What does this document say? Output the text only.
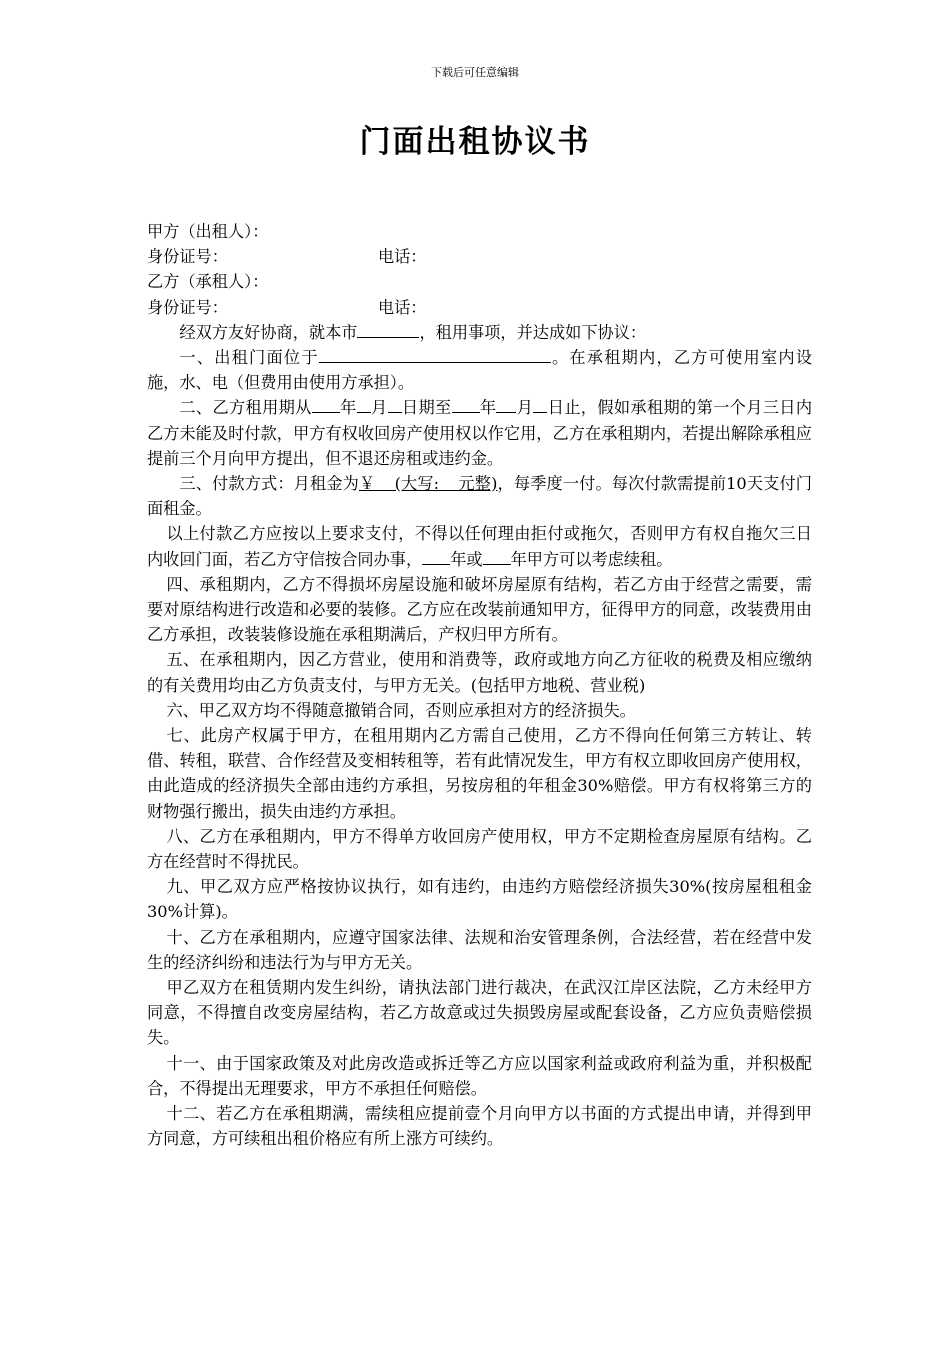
下载后可任意编辑
门面出租协议书
甲方（出租人）：
身份证号：	电话：
乙方（承租人）：
身份证号：	电话：

经双方友好协商，就本市	，租用事项，并达成如下协议：

一、出租门面位于	。在承租期内，乙方可使用室内设施，水、电（但费用由使用方承担）。

二、乙方租用期从 年 月 日期至 年 月 日止，假如承租期的第一个月三日内乙方未能及时付款，甲方有权收回房产使用权以作它用，乙方在承租期内，若提出解除承租应提前三个月向甲方提出，但不退还房租或违约金。

三、付款方式：月租金为￥ (大写: 元整)，每季度一付。每次付款需提前10天支付门面租金。

以上付款乙方应按以上要求支付，不得以任何理由拒付或拖欠，否则甲方有权自拖欠三日内收回门面，若乙方守信按合同办事， 年或 年甲方可以考虑续租。

四、承租期内，乙方不得损坏房屋设施和破坏房屋原有结构，若乙方由于经营之需要，需要对原结构进行改造和必要的装修。乙方应在改装前通知甲方，征得甲方的同意，改装费用由乙方承担，改装装修设施在承租期满后，产权归甲方所有。

五、在承租期内，因乙方营业，使用和消费等，政府或地方向乙方征收的税费及相应缴纳的有关费用均由乙方负责支付，与甲方无关。(包括甲方地税、营业税)

六、甲乙双方均不得随意撤销合同，否则应承担对方的经济损失。

七、此房产权属于甲方，在租用期内乙方需自己使用，乙方不得向任何第三方转让、转借、转租，联营、合作经营及变相转租等，若有此情况发生，甲方有权立即收回房产使用权，由此造成的经济损失全部由违约方承担，另按房租的年租金30%赔偿。甲方有权将第三方的财物强行搬出，损失由违约方承担。

八、乙方在承租期内，甲方不得单方收回房产使用权，甲方不定期检查房屋原有结构。乙方在经营时不得扰民。

九、甲乙双方应严格按协议执行，如有违约，由违约方赔偿经济损失30%(按房屋租租金30%计算)。

十、乙方在承租期内，应遵守国家法律、法规和治安管理条例，合法经营，若在经营中发生的经济纠纷和违法行为与甲方无关。

甲乙双方在租赁期内发生纠纷，请执法部门进行裁决，在武汉江岸区法院，乙方未经甲方同意，不得擅自改变房屋结构，若乙方故意或过失损毁房屋或配套设备，乙方应负责赔偿损失。

十一、由于国家政策及对此房改造或拆迁等乙方应以国家利益或政府利益为重，并积极配合，不得提出无理要求，甲方不承担任何赔偿。

十二、若乙方在承租期满，需续租应提前壹个月向甲方以书面的方式提出申请，并得到甲方同意，方可续租出租价格应有所上涨方可续约。
